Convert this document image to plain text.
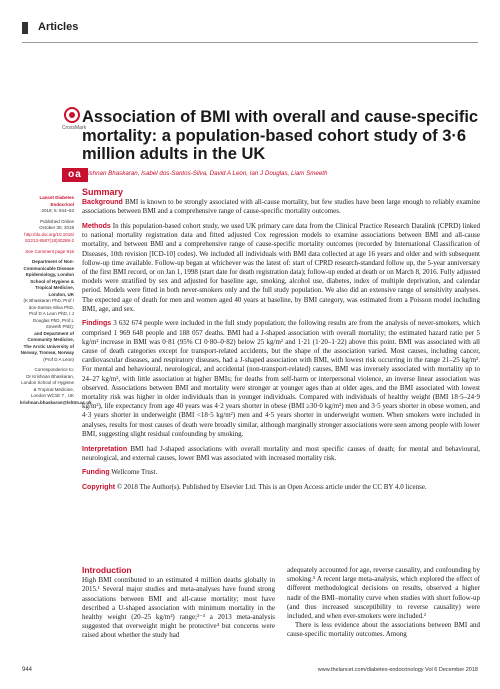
Articles
CrossMark
Association of BMI with overall and cause-specific mortality: a population-based cohort study of 3·6 million adults in the UK
oa Krishnan Bhaskaran, Isabel dos-Santos-Silva, David A Leon, Ian J Douglas, Liam Smeeth
Lancet Diabetes Endocrinol
2018; 6: 944–53
Published Online
October 30, 2018
http://dx.doi.org/10.1016/
S2213-8587(18)30288-2
See Comment page 916
Department of Non-Communicable Disease Epidemiology, London School of Hygiene & Tropical Medicine, London, UK
(K Bhaskaran PhD, Prof I dos-Santos-Silva PhD, Prof D A Leon PhD, I J Douglas PhD, Prof L Smeeth PhD);
and Department of Community Medicine, The Arctic University of Norway, Tromsø, Norway
(Prof D A Leon)
Correspondence to:
Dr Krishnan Bhaskaran, London School of Hygiene & Tropical Medicine, London WC1E 7 , UK
krishnan.bhaskaran@lshtm.ac.uk
Summary

Background BMI is known to be strongly associated with all-cause mortality, but few studies have been large enough to reliably examine associations between BMI and a comprehensive range of cause-specific mortality outcomes.

Methods In this population-based cohort study, we used UK primary care data from the Clinical Practice Research Datalink (CPRD) linked to national mortality registration data and fitted adjusted Cox regression models to examine associations between BMI and all-cause mortality, and between BMI and a comprehensive range of cause-specific mortality outcomes (recorded by International Classification of Diseases, 10th revision [ICD-10] codes). We included all individuals with BMI data collected at age 16 years and older and with subsequent follow-up time available. Follow-up began at whichever was the latest of: start of CPRD research-standard follow up, the 5-year anniversary of the first BMI record, or on Jan 1, 1998 (start date for death registration data); follow-up ended at death or on March 8, 2016. Fully adjusted models were stratified by sex and adjusted for baseline age, smoking, alcohol use, diabetes, index of multiple deprivation, and calendar period. Models were fitted in both never-smokers only and the full study population. We also did an extensive range of sensitivity analyses. The expected age of death for men and women aged 40 years at baseline, by BMI category, was estimated from a Poisson model including BMI, age, and sex.

Findings 3 632 674 people were included in the full study population; the following results are from the analysis of never-smokers, which comprised 1 969 648 people and 188 057 deaths. BMI had a J-shaped association with overall mortality; the estimated hazard ratio per 5 kg/m² increase in BMI was 0·81 (95% CI 0·80–0·82) below 25 kg/m² and 1·21 (1·20–1·22) above this point. BMI was associated with all cause of death categories except for transport-related accidents, but the shape of the association varied. Most causes, including cancer, cardiovascular diseases, and respiratory diseases, had a J-shaped association with BMI, with lowest risk occurring in the range 21–25 kg/m². For mental and behavioural, neurological, and accidental (non-transport-related) causes, BMI was inversely associated with mortality up to 24–27 kg/m², with little association at higher BMIs; for deaths from self-harm or interpersonal violence, an inverse linear association was observed. Associations between BMI and mortality were stronger at younger ages than at older ages, and the BMI associated with lowest mortality risk was higher in older individuals than in younger individuals. Compared with individuals of healthy weight (BMI 18·5–24·9 kg/m²), life expectancy from age 40 years was 4·2 years shorter in obese (BMI ≥30·0 kg/m²) men and 3·5 years shorter in obese women, and 4·3 years shorter in underweight (BMI <18·5 kg/m²) men and 4·5 years shorter in underweight women. When smokers were included in analyses, results for most causes of death were broadly similar, although marginally stronger associations were seen among people with lower BMI, suggesting slight residual confounding by smoking.

Interpretation BMI had J-shaped associations with overall mortality and most specific causes of death; for mental and behavioural, neurological, and external causes, lower BMI was associated with increased mortality risk.

Funding Wellcome Trust.

Copyright © 2018 The Author(s). Published by Elsevier Ltd. This is an Open Access article under the CC BY 4.0 license.

Introduction

High BMI contributed to an estimated 4 million deaths globally in 2015.¹ Several major studies and meta-analyses have found strong associations between BMI and all-cause mortality; most have described a U-shaped association with minimum mortality in the healthy weight (20–25 kg/m²) range;²⁻³ a 2013 meta-analysis suggested that overweight might be protective⁴ but concerns were raised about whether the study had

adequately accounted for age, reverse causality, and confounding by smoking.⁵ A recent large meta-analysis, which explored the effect of different methodological decisions on results, observed a higher nadir of the BMI–mortality curve when studies with short follow-up (and thus increased susceptibility to reverse causality) were included, and when ever-smokers were included.²

There is less evidence about the associations between BMI and cause-specific mortality outcomes. Among

944	www.thelancet.com/diabetes-endocrinology Vol 6 December 2018
